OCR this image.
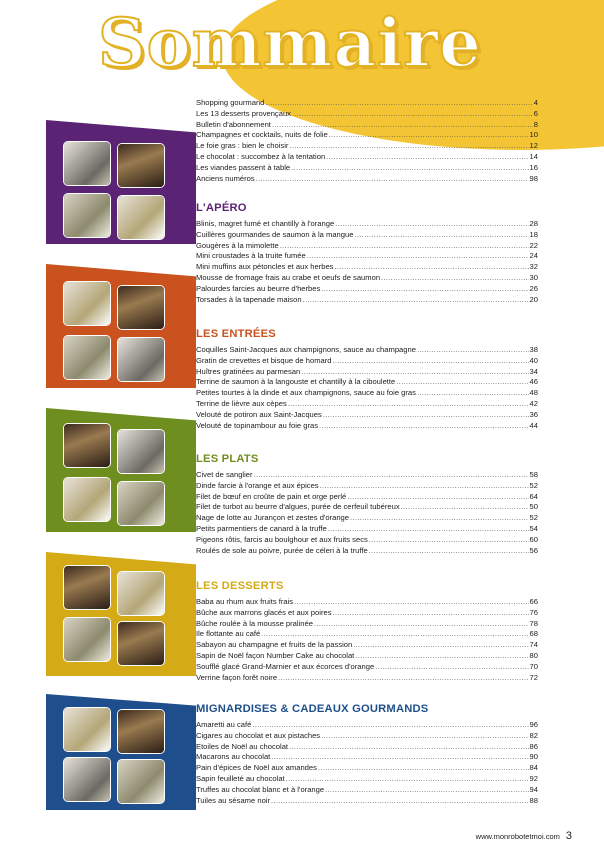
Sommaire
Shopping gourmand .....	4
Les 13 desserts provençaux .....	6
Bulletin d'abonnement .....	8
Champagnes et cocktails, nuits de folie .....	10
Le foie gras : bien le choisir .....	12
Le chocolat : succombez à la tentation .....	14
Les viandes passent à table .....	16
Anciens numéros .....	98
L'APÉRO
Blinis, magret fumé et chantilly à l'orange .....	28
Cuillères gourmandes de saumon à la mangue .....	18
Gougères à la mimolette .....	22
Mini croustades à la truite fumée .....	24
Mini muffins aux pétoncles et aux herbes .....	32
Mousse de fromage frais au crabe et oeufs de saumon .....	30
Palourdes farcies au beurre d'herbes .....	26
Torsades à la tapenade maison .....	20
LES ENTRÉES
Coquilles Saint-Jacques aux champignons, sauce au champagne .....	38
Gratin de crevettes et bisque de homard .....	40
Huîtres gratinées au parmesan .....	34
Terrine de saumon à la langouste et chantilly à la ciboulette .....	46
Petites tourtes à la dinde et aux champignons, sauce au foie gras .....	48
Terrine de lièvre aux cèpes .....	42
Velouté de potiron aux Saint-Jacques .....	36
Velouté de topinambour au foie gras .....	44
LES PLATS
Civet de sanglier .....	58
Dinde farcie à l'orange et aux épices .....	52
Filet de bœuf en croûte de pain et orge perlé .....	64
Filet de turbot au beurre d'algues, purée de cerfeuil tubéreux .....	50
Nage de lotte au Jurançon et zestes d'orange .....	52
Petits parmentiers de canard à la truffe .....	54
Pigeons rôtis, farcis au boulghour et aux fruits secs .....	60
Roulés de sole au poivre, purée de céleri à la truffe .....	56
LES DESSERTS
Baba au rhum aux fruits frais .....	66
Bûche aux marrons glacés et aux poires .....	76
Bûche roulée à la mousse pralinée .....	78
Ile flottante au café .....	68
Sabayon au champagne et fruits de la passion .....	74
Sapin de Noël façon Number Cake au chocolat .....	80
Soufflé glacé Grand-Marnier et aux écorces d'orange .....	70
Verrine façon forêt noire .....	72
MIGNARDISES & CADEAUX GOURMANDS
Amaretti au café .....	96
Cigares au chocolat et aux pistaches .....	82
Etoiles de Noël au chocolat .....	86
Macarons au chocolat .....	90
Pain d'épices de Noël aux amandes .....	84
Sapin feuilleté au chocolat .....	92
Truffes au chocolat blanc et à l'orange .....	94
Tuiles au sésame noir .....	88
www.monrobotetmoi.com 3
